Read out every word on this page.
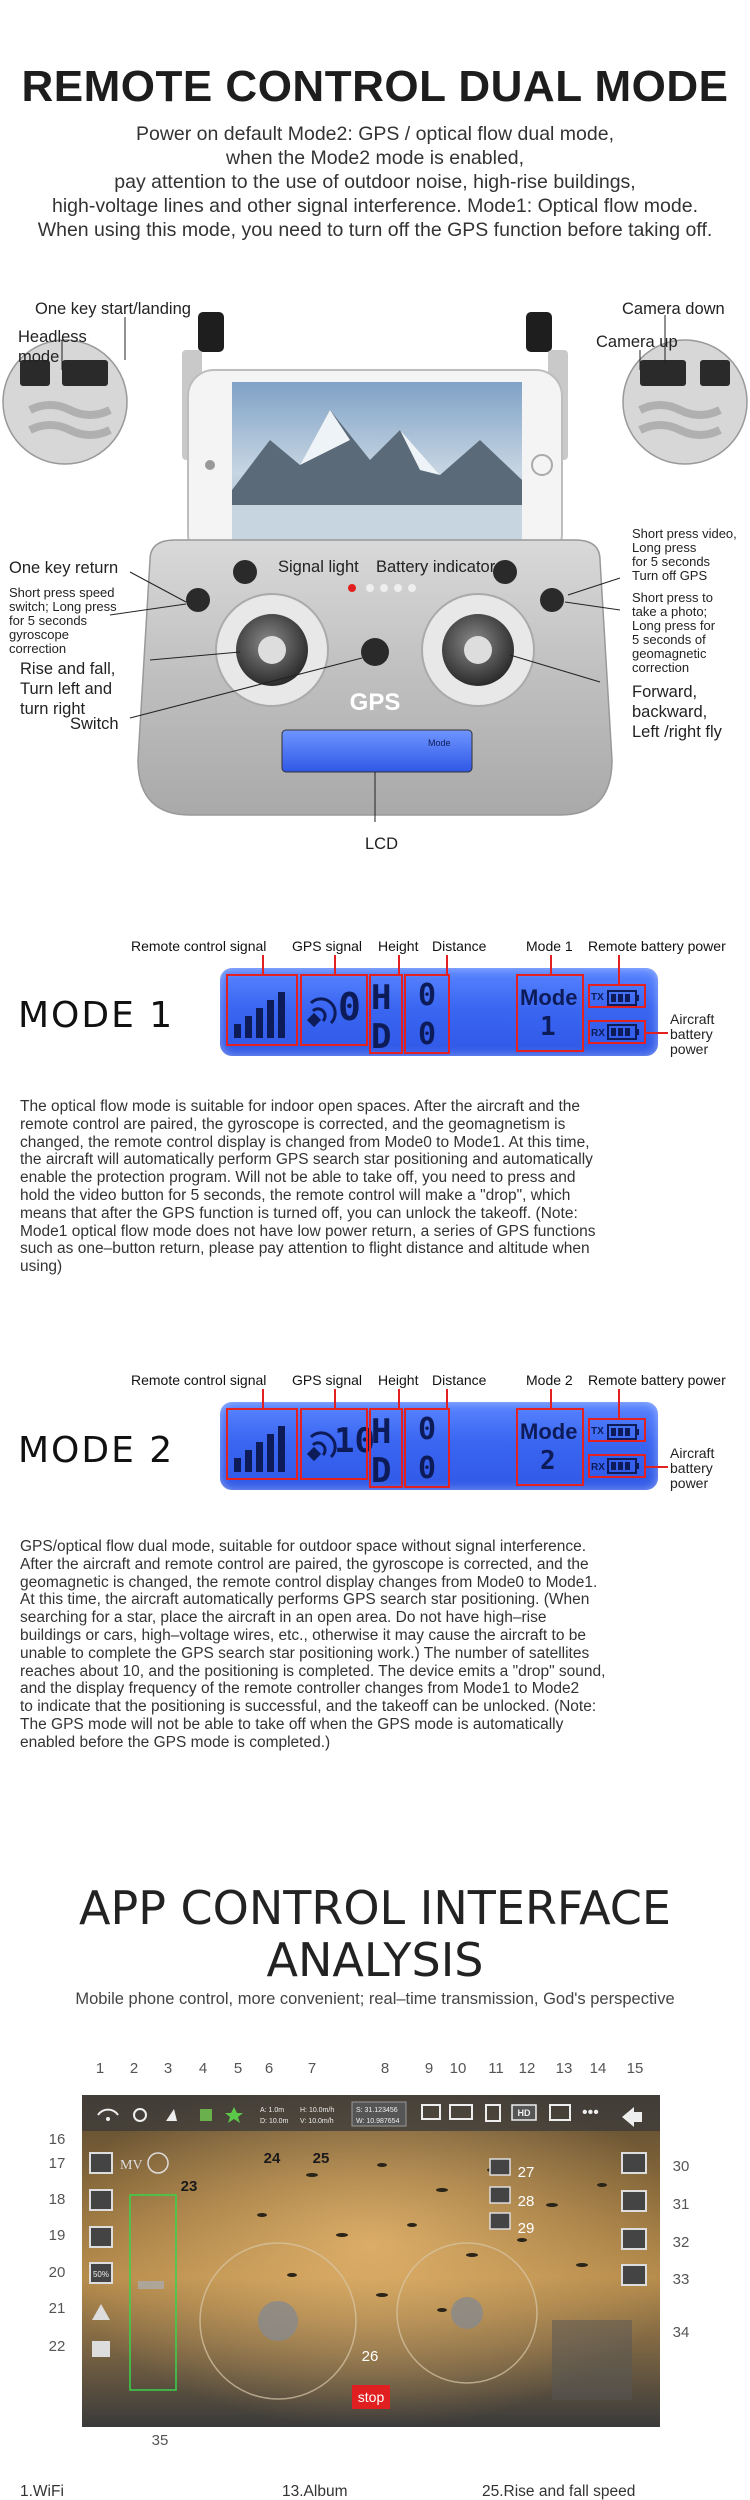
REMOTE CONTROL DUAL MODE
Power on default Mode2: GPS / optical flow dual mode,
when the Mode2 mode is enabled,
pay attention to the use of outdoor noise, high-rise buildings,
high-voltage lines and other signal interference. Mode1: Optical flow mode.
When using this mode, you need to turn off the GPS function before taking off.
GPS
Mode
One key start/landing
Headless
mode
Camera down
Camera up
One key return
Short press speed
switch; Long press
for 5 seconds
gyroscope
correction
Signal light Battery indicator
Short press video,
Long press
for 5 seconds
Turn off GPS
Short press to
take a photo;
Long press for
5 seconds of
geomagnetic
correction
Rise and fall,
Turn left and
turn right
Switch
Forward,
backward,
Left /right fly
LCD
Remote control signal GPS signal Height Distance	Mode 1 Remote battery power
MODE 1	0 H
D
0
0
Mode
1
TX
RX
Aircraft
battery
power
The optical flow mode is suitable for indoor open spaces. After the aircraft and the
remote control are paired, the gyroscope is corrected, and the geomagnetism is
changed, the remote control display is changed from Mode0 to Mode1. At this time,
the aircraft will automatically perform GPS search star positioning and automatically
enable the protection program. Will not be able to take off, you need to press and
hold the video button for 5 seconds, the remote control will make a "drop", which
means that after the GPS function is turned off, you can unlock the takeoff. (Note:
Mode1 optical flow mode does not have low power return, a series of GPS functions
such as one–button return, please pay attention to flight distance and altitude when
using)
Remote control signal GPS signal Height Distance	Mode 2 Remote battery power
MODE 2	10
H
D
0
0
Mode
2
TX
RX
Aircraft
battery
power
GPS/optical flow dual mode, suitable for outdoor space without signal interference.
After the aircraft and remote control are paired, the gyroscope is corrected, and the
geomagnetic is changed, the remote control display changes from Mode0 to Mode1.
At this time, the aircraft automatically performs GPS search star positioning. (When
searching for a star, place the aircraft in an open area. Do not have high–rise
buildings or cars, high–voltage wires, etc., otherwise it may cause the aircraft to be
unable to complete the GPS search star positioning work.) The number of satellites
reaches about 10, and the positioning is completed. The device emits a "drop" sound,
and the display frequency of the remote controller changes from Mode1 to Mode2
to indicate that the positioning is successful, and the takeoff can be unlocked. (Note:
The GPS mode will not be able to take off when the GPS mode is automatically
enabled before the GPS mode is completed.)
APP CONTROL INTERFACE
ANALYSIS
Mobile phone control, more convenient; real–time transmission, God's perspective
1	2	3	4	5	6	7	8	9	10	11 12	13	14	15
stop
A: 1.0m
D: 10.0m
H: 10.0m/h
V: 10.0m/h
S: 31.123456
W: 10.987654
HD	•••
MV
50%
16
17
18
19
20
21
22
23
24	25
26
27
28
29
30
31
32
33
34
35
1.WiFi	13.Album	25.Rise and fall speed
